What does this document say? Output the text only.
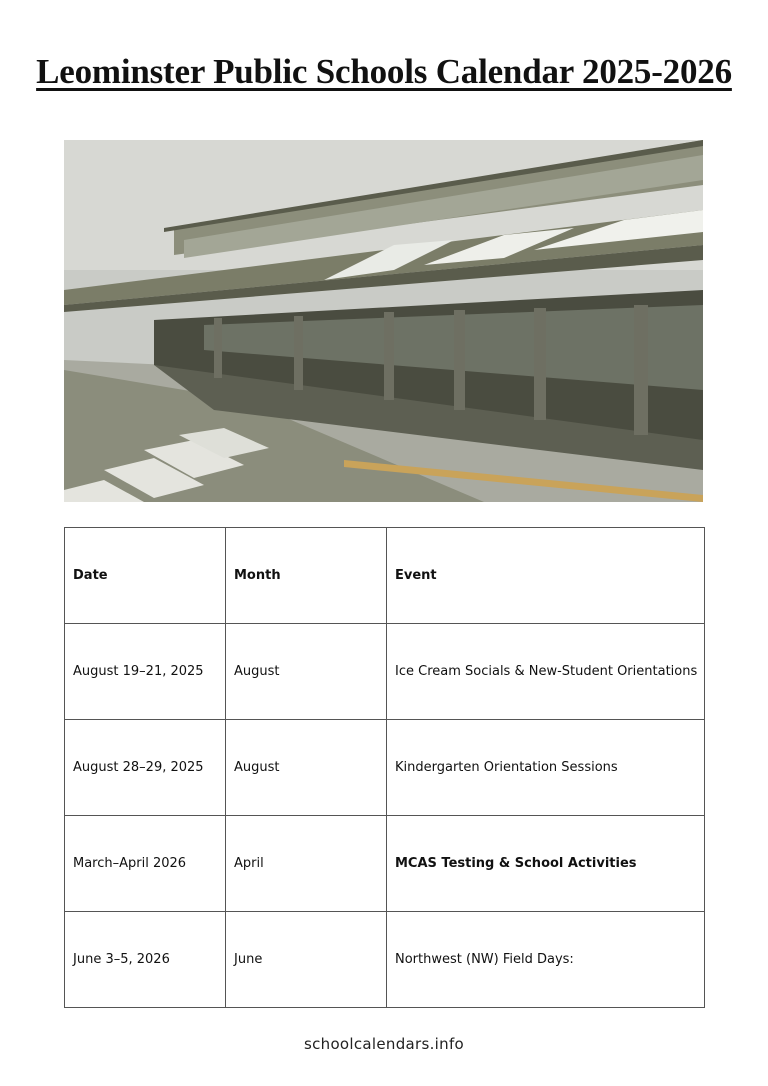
Leominster Public Schools Calendar 2025-2026
Date	Month	Event
August 19–21, 2025	August	Ice Cream Socials & New-Student Orientations
August 28–29, 2025	August	Kindergarten Orientation Sessions
March–April 2026	April	MCAS Testing & School Activities
June 3–5, 2026	June	Northwest (NW) Field Days:
schoolcalendars.info
